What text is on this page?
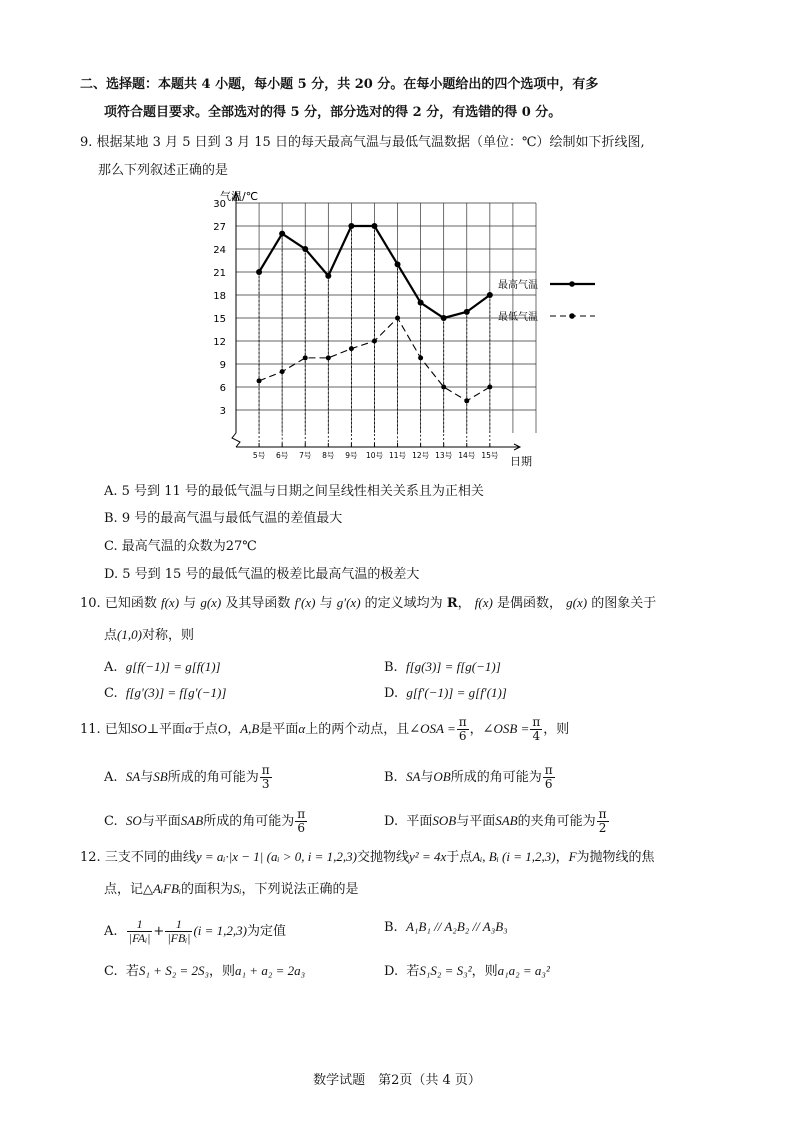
二、选择题：本题共 4 小题，每小题 5 分，共 20 分。在每小题给出的四个选项中，有多
项符合题目要求。全部选对的得 5 分，部分选对的得 2 分，有选错的得 0 分。
9. 根据某地 3 月 5 日到 3 月 15 日的每天最高气温与最低气温数据（单位：℃）绘制如下折线图,
那么下列叙述正确的是
3
6
9
12
15
18
21
24
27
30
5号 6号 7号 8号 9号 10号 11号 12号 13号 14号 15号
最高气温
最低气温
气温/℃
日期
A. 5 号到 11 号的最低气温与日期之间呈线性相关关系且为正相关
B. 9 号的最高气温与最低气温的差值最大
C. 最高气温的众数为27℃
D. 5 号到 15 号的最低气温的极差比最高气温的极差大
10. 已知函数 f(x) 与 g(x) 及其导函数 f′(x) 与 g′(x) 的定义域均为 R， f(x) 是偶函数， g(x) 的图象关于
点(1,0)对称，则
A. g[f(−1)] = g[f(1)]	B. f[g(3)] = f[g(−1)]
C. f[g′(3)] = f[g′(−1)]	D. g[f′(−1)] = g[f′(1)]
11. 已知SO⊥平面α于点O，A,B是平面α上的两个动点，且∠OSA = $\frac{\pi}{6}$ ，∠OSB = $\frac{\pi}{4}$ ，则
A. SA与SB所成的角可能为 $\frac{\pi}{3}$	B. SA与OB所成的角可能为 $\frac{\pi}{6}$
C. SO与平面SAB所成的角可能为 $\frac{\pi}{6}$	D. 平面SOB与平面SAB的夹角可能为 $\frac{\pi}{2}$
12. 三支不同的曲线y = aᵢ·|x − 1| (aᵢ > 0, i = 1,2,3)交抛物线y² = 4x于点Aᵢ, Bᵢ (i = 1,2,3)，F为抛物线的焦
点，记△AᵢFBᵢ的面积为Sᵢ，下列说法正确的是
A. $\frac{1}{\text{|FAᵢ|}} + \frac{1}{\text{|FBᵢ|}} (i = 1,2,3)$为定值	B. A₁B₁ // A₂B₂ // A₃B₃
C. 若S₁ + S₂ = 2S₃，则a₁ + a₂ = 2a₃	D. 若S₁S₂ = S₃²，则a₁a₂ = a₃²
数学试题　第2页（共 4 页）
